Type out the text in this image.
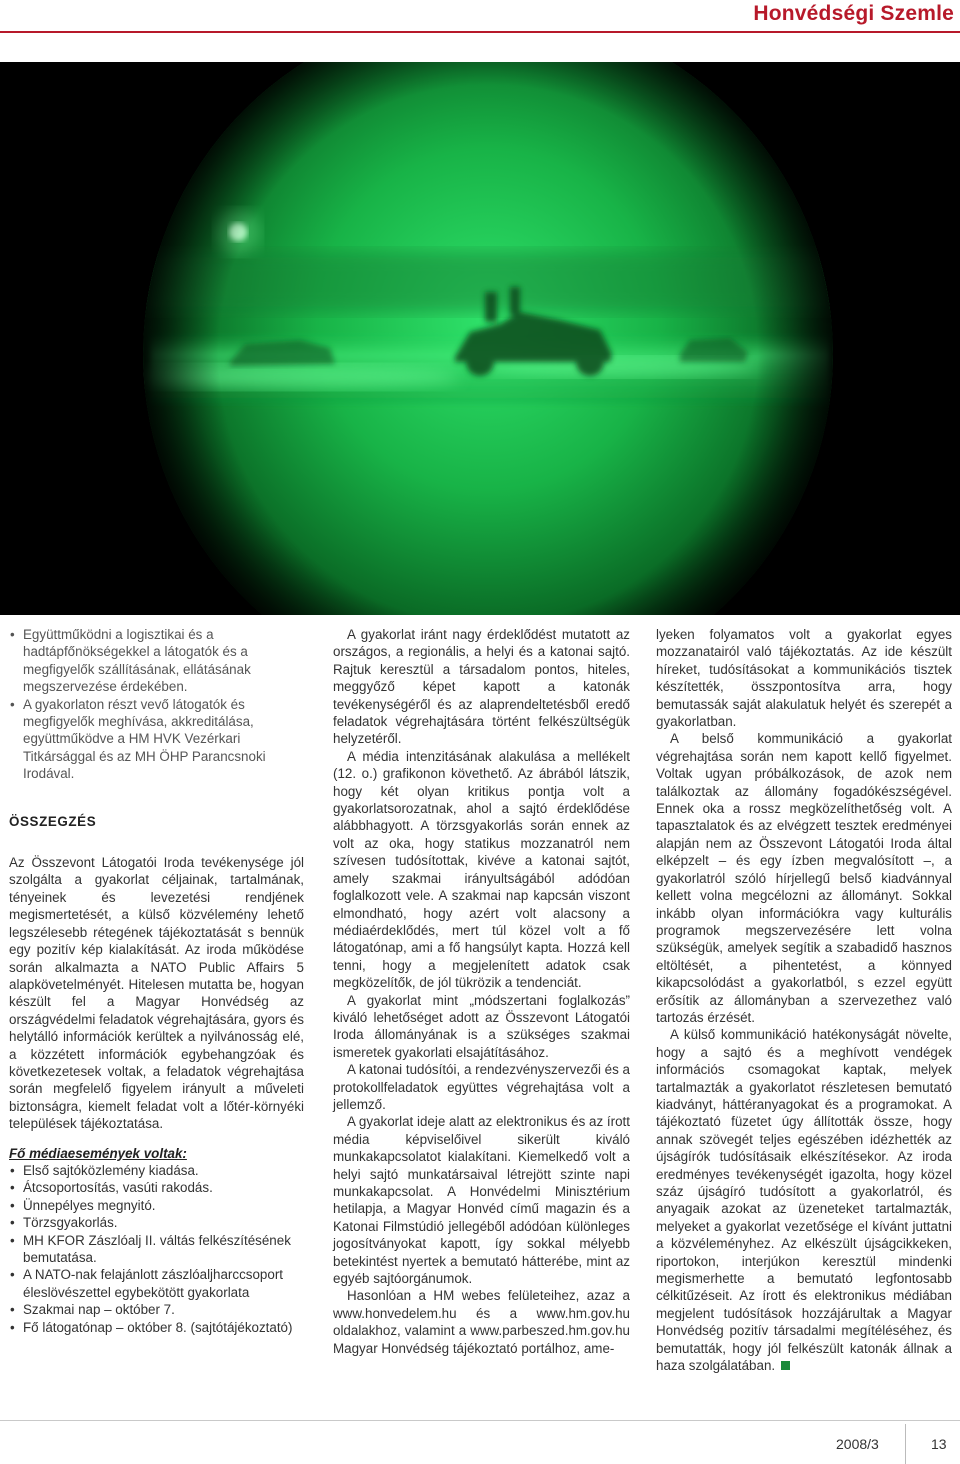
Honvédségi Szemle
• Együttműködni a logisztikai és a hadtápfőnökségekkel a látogatók és a megfigyelők szállításának, ellátásának megszervezése érdekében.
• A gyakorlaton részt vevő látogatók és megfigyelők meghívása, akkreditálása, együttműködve a HM HVK Vezérkari Titkársággal és az MH ÖHP Parancsnoki Irodával.
ÖSSZEGZÉS

Az Összevont Látogatói Iroda tevékenysége jól szolgálta a gyakorlat céljainak, tartalmának, tényeinek és levezetési rendjének megismertetését, a külső közvélemény lehető legszélesebb rétegének tájékoztatását s bennük egy pozitív kép kialakítását. Az iroda működése során alkalmazta a NATO Public Affairs 5 alapkövetelményét. Hitelesen mutatta be, hogyan készült fel a Magyar Honvédség az országvédelmi feladatok végrehajtására, gyors és helytálló információk kerültek a nyilvánosság elé, a közzétett információk egybehangzóak és következetesek voltak, a feladatok végrehajtása során megfelelő figyelem irányult a műveleti biztonságra, kiemelt feladat volt a lőtér-környéki települések tájékoztatása.

Fő médiaesemények voltak:
• Első sajtóközlemény kiadása.
• Átcsoportosítás, vasúti rakodás.
• Ünnepélyes megnyitó.
• Törzsgyakorlás.
• MH KFOR Zászlóalj II. váltás felkészítésének bemutatása.
• A NATO-nak felajánlott zászlóaljharccsoport éleslövészettel egybekötött gyakorlata
• Szakmai nap – október 7.
• Fő látogatónap – október 8. (sajtótájékoztató)

A gyakorlat iránt nagy érdeklődést mutatott az országos, a regionális, a helyi és a katonai sajtó. Rajtuk keresztül a társadalom pontos, hiteles, meggyőző képet kapott a katonák tevékenységéről és az alaprendeltetésből eredő feladatok végrehajtására történt felkészültségük helyzetéről.

A média intenzitásának alakulása a mellékelt (12. o.) grafikonon követhető. Az ábrából látszik, hogy két olyan kritikus pontja volt a gyakorlatsorozatnak, ahol a sajtó érdeklődése alábbhagyott. A törzsgyakorlás során ennek az volt az oka, hogy statikus mozzanatról nem szívesen tudósítottak, kivéve a katonai sajtót, amely szakmai irányultságából adódóan foglalkozott vele. A szakmai nap kapcsán viszont elmondható, hogy azért volt alacsony a médiaérdeklődés, mert túl közel volt a fő látogatónap, ami a fő hangsúlyt kapta. Hozzá kell tenni, hogy a megjelenített adatok csak megközelítők, de jól tükrözik a tendenciát.

A gyakorlat mint „módszertani foglalkozás” kiváló lehetőséget adott az Összevont Látogatói Iroda állományának is a szükséges szakmai ismeretek gyakorlati elsajátításához.

A katonai tudósítói, a rendezvényszervezői és a protokollfeladatok együttes végrehajtása volt a jellemző.

A gyakorlat ideje alatt az elektronikus és az írott média képviselőivel sikerült kiváló munkakapcsolatot kialakítani. Kiemelkedő volt a helyi sajtó munkatársaival létrejött szinte napi munkakapcsolat. A Honvédelmi Minisztérium hetilapja, a Magyar Honvéd című magazin és a Katonai Filmstúdió jellegéből adódóan különleges jogosítványokat kapott, így sokkal mélyebb betekintést nyertek a bemutató hátterébe, mint az egyéb sajtóorgánumok.

Hasonlóan a HM webes felületeihez, azaz a www.honvedelem.hu és a www.hm.gov.hu oldalakhoz, valamint a www.parbeszed.hm.gov.hu Magyar Honvédség tájékoztató portálhoz, ame-

lyeken folyamatos volt a gyakorlat egyes mozzanatairól való tájékoztatás. Az ide készült híreket, tudósításokat a kommunikációs tisztek készítették, összpontosítva arra, hogy bemutassák saját alakulatuk helyét és szerepét a gyakorlatban.

A belső kommunikáció a gyakorlat végrehajtása során nem kapott kellő figyelmet. Voltak ugyan próbálkozások, de azok nem találkoztak az állomány fogadókészségével. Ennek oka a rossz megközelíthetőség volt. A tapasztalatok és az elvégzett tesztek eredményei alapján nem az Összevont Látogatói Iroda által elképzelt – és egy ízben megvalósított –, a gyakorlatról szóló hírjellegű belső kiadvánnyal kellett volna megcélozni az állományt. Sokkal inkább olyan információkra vagy kulturális programok megszervezésére lett volna szükségük, amelyek segítik a szabadidő hasznos eltöltését, a pihentetést, a könnyed kikapcsolódást a gyakorlatból, s ezzel együtt erősítik az állományban a szervezethez való tartozás érzését.

A külső kommunikáció hatékonyságát növelte, hogy a sajtó és a meghívott vendégek információs csomagokat kaptak, melyek tartalmazták a gyakorlatot részletesen bemutató kiadványt, háttéranyagokat és a programokat. A tájékoztató füzetet úgy állították össze, hogy annak szövegét teljes egészében idézhették az újságírók tudósításaik elkészítésekor. Az iroda eredményes tevékenységét igazolta, hogy közel száz újságíró tudósított a gyakorlatról, és anyagaik azokat az üzeneteket tartalmazták, melyeket a gyakorlat vezetősége el kívánt juttatni a közvéleményhez. Az elkészült újságcikkeken, riportokon, interjúkon keresztül mindenki megismerhette a bemutató legfontosabb célkitűzéseit. Az írott és elektronikus médiában megjelent tudósítások hozzájárultak a Magyar Honvédség pozitív társadalmi megítéléséhez, és bemutatták, hogy jól felkészült katonák állnak a haza szolgálatában.

2008/3	13
